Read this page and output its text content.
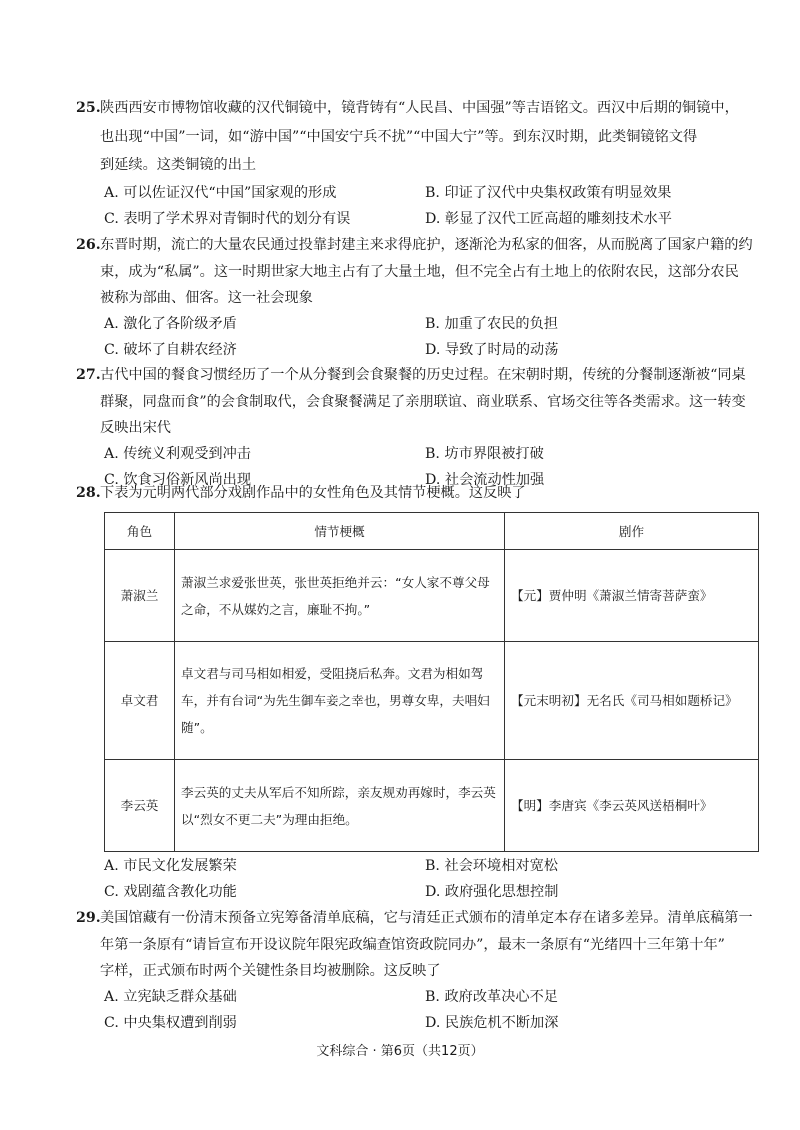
25. 陕西西安市博物馆收藏的汉代铜镜中，镜背铸有“人民昌、中国强”等吉语铭文。西汉中后期的铜镜中，
也出现“中国”一词，如“游中国”“中国安宁兵不扰”“中国大宁”等。到东汉时期，此类铜镜铭文得
到延续。这类铜镜的出土
A. 可以佐证汉代“中国”国家观的形成	B. 印证了汉代中央集权政策有明显效果
C. 表明了学术界对青铜时代的划分有误	D. 彰显了汉代工匠高超的雕刻技术水平
26. 东晋时期，流亡的大量农民通过投靠封建主来求得庇护，逐渐沦为私家的佃客，从而脱离了国家户籍的约
束，成为“私属”。这一时期世家大地主占有了大量土地，但不完全占有土地上的依附农民，这部分农民
被称为部曲、佃客。这一社会现象
A. 激化了各阶级矛盾	B. 加重了农民的负担
C. 破坏了自耕农经济	D. 导致了时局的动荡
27. 古代中国的餐食习惯经历了一个从分餐到会食聚餐的历史过程。在宋朝时期，传统的分餐制逐渐被“同桌
群聚，同盘而食”的会食制取代，会食聚餐满足了亲朋联谊、商业联系、官场交往等各类需求。这一转变
反映出宋代
A. 传统义利观受到冲击	B. 坊市界限被打破
C. 饮食习俗新风尚出现	D. 社会流动性加强
28. 下表为元明两代部分戏剧作品中的女性角色及其情节梗概。这反映了
角色	情节梗概	剧作
萧淑兰	萧淑兰求爱张世英，张世英拒绝并云：“女人家不尊父母之命，不从媒妁之言，廉耻不拘。”	【元】贾仲明《萧淑兰情寄菩萨蛮》
卓文君	卓文君与司马相如相爱，受阻挠后私奔。文君为相如驾车，并有台词“为先生御车妾之幸也，男尊女卑，夫唱妇随”。	【元末明初】无名氏《司马相如题桥记》
李云英	李云英的丈夫从军后不知所踪，亲友规劝再嫁时，李云英以“烈女不更二夫”为理由拒绝。	【明】李唐宾《李云英风送梧桐叶》
A. 市民文化发展繁荣	B. 社会环境相对宽松
C. 戏剧蕴含教化功能	D. 政府强化思想控制
29. 美国馆藏有一份清末预备立宪筹备清单底稿，它与清廷正式颁布的清单定本存在诸多差异。清单底稿第一
年第一条原有“请旨宣布开设议院年限宪政编查馆资政院同办”，最末一条原有“光绪四十三年第十年”
字样，正式颁布时两个关键性条目均被删除。这反映了
A. 立宪缺乏群众基础	B. 政府改革决心不足
C. 中央集权遭到削弱	D. 民族危机不断加深
文科综合 · 第6页（共12页）
